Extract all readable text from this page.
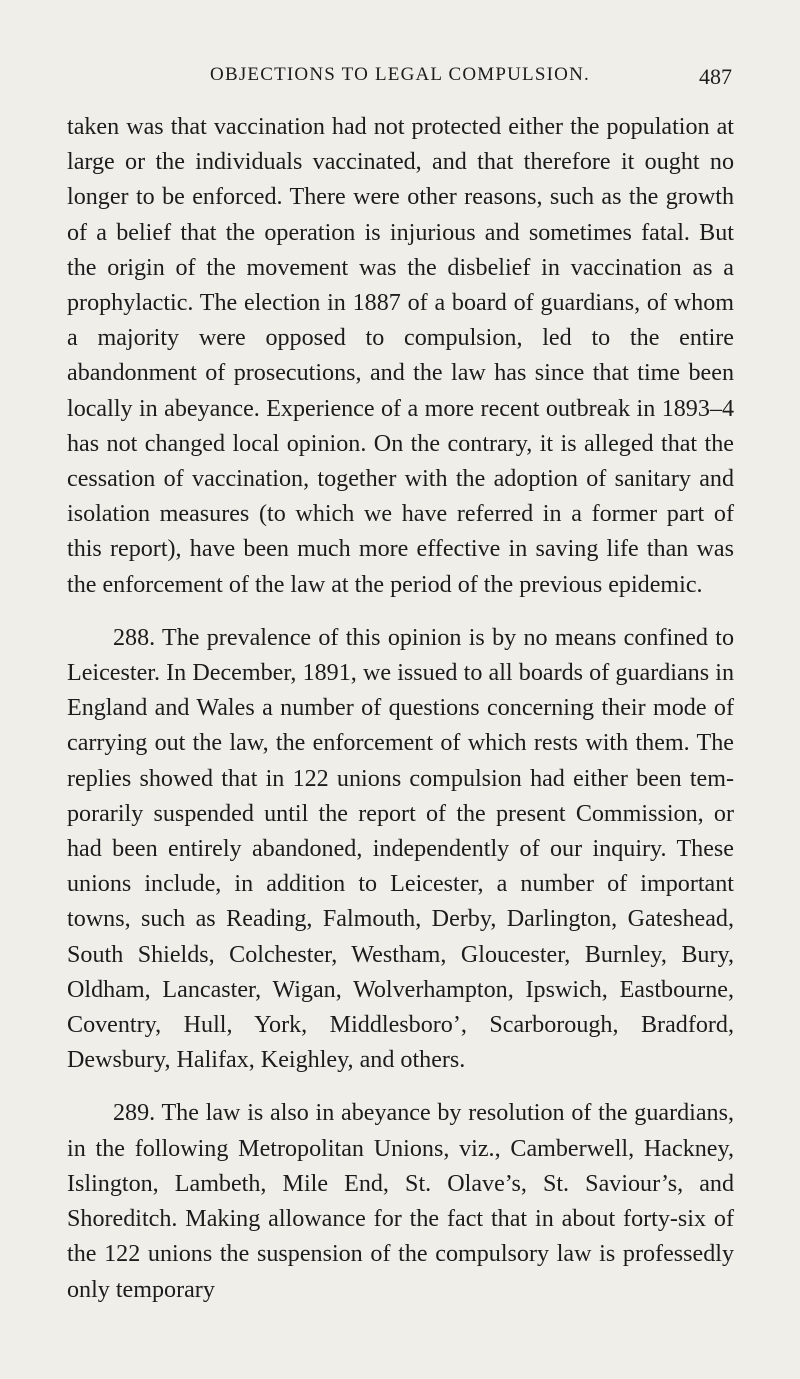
OBJECTIONS TO LEGAL COMPULSION.	487

taken was that vaccination had not protected either the population at large or the individuals vaccinated, and that therefore it ought no longer to be enforced. There were other reasons, such as the growth of a belief that the operation is injurious and sometimes fatal. But the origin of the movement was the disbelief in vaccination as a prophylactic. The election in 1887 of a board of guardians, of whom a majority were opposed to compulsion, led to the entire abandonment of prosecutions, and the law has since that time been locally in abeyance. Experience of a more recent outbreak in 1893–4 has not changed local opinion. On the contrary, it is alleged that the cessation of vaccination, together with the adoption of sanitary and isolation measures (to which we have referred in a former part of this report), have been much more effective in saving life than was the enforcement of the law at the period of the previous epidemic.

288. The prevalence of this opinion is by no means confined to Leicester. In December, 1891, we issued to all boards of guardians in England and Wales a number of questions concerning their mode of carrying out the law, the enforcement of which rests with them. The replies showed that in 122 unions compulsion had either been temporarily suspended until the report of the present Commission, or had been entirely abandoned, independently of our inquiry. These unions include, in addition to Leicester, a number of important towns, such as Reading, Falmouth, Derby, Darlington, Gateshead, South Shields, Colchester, Westham, Gloucester, Burnley, Bury, Oldham, Lancaster, Wigan, Wolverhampton, Ipswich, Eastbourne, Coventry, Hull, York, Middlesboro’, Scarborough, Bradford, Dewsbury, Halifax, Keighley, and others.

289. The law is also in abeyance by resolution of the guardians, in the following Metropolitan Unions, viz., Camberwell, Hackney, Islington, Lambeth, Mile End, St. Olave’s, St. Saviour’s, and Shoreditch. Making allowance for the fact that in about forty-six of the 122 unions the suspension of the compulsory law is professedly only temporary
